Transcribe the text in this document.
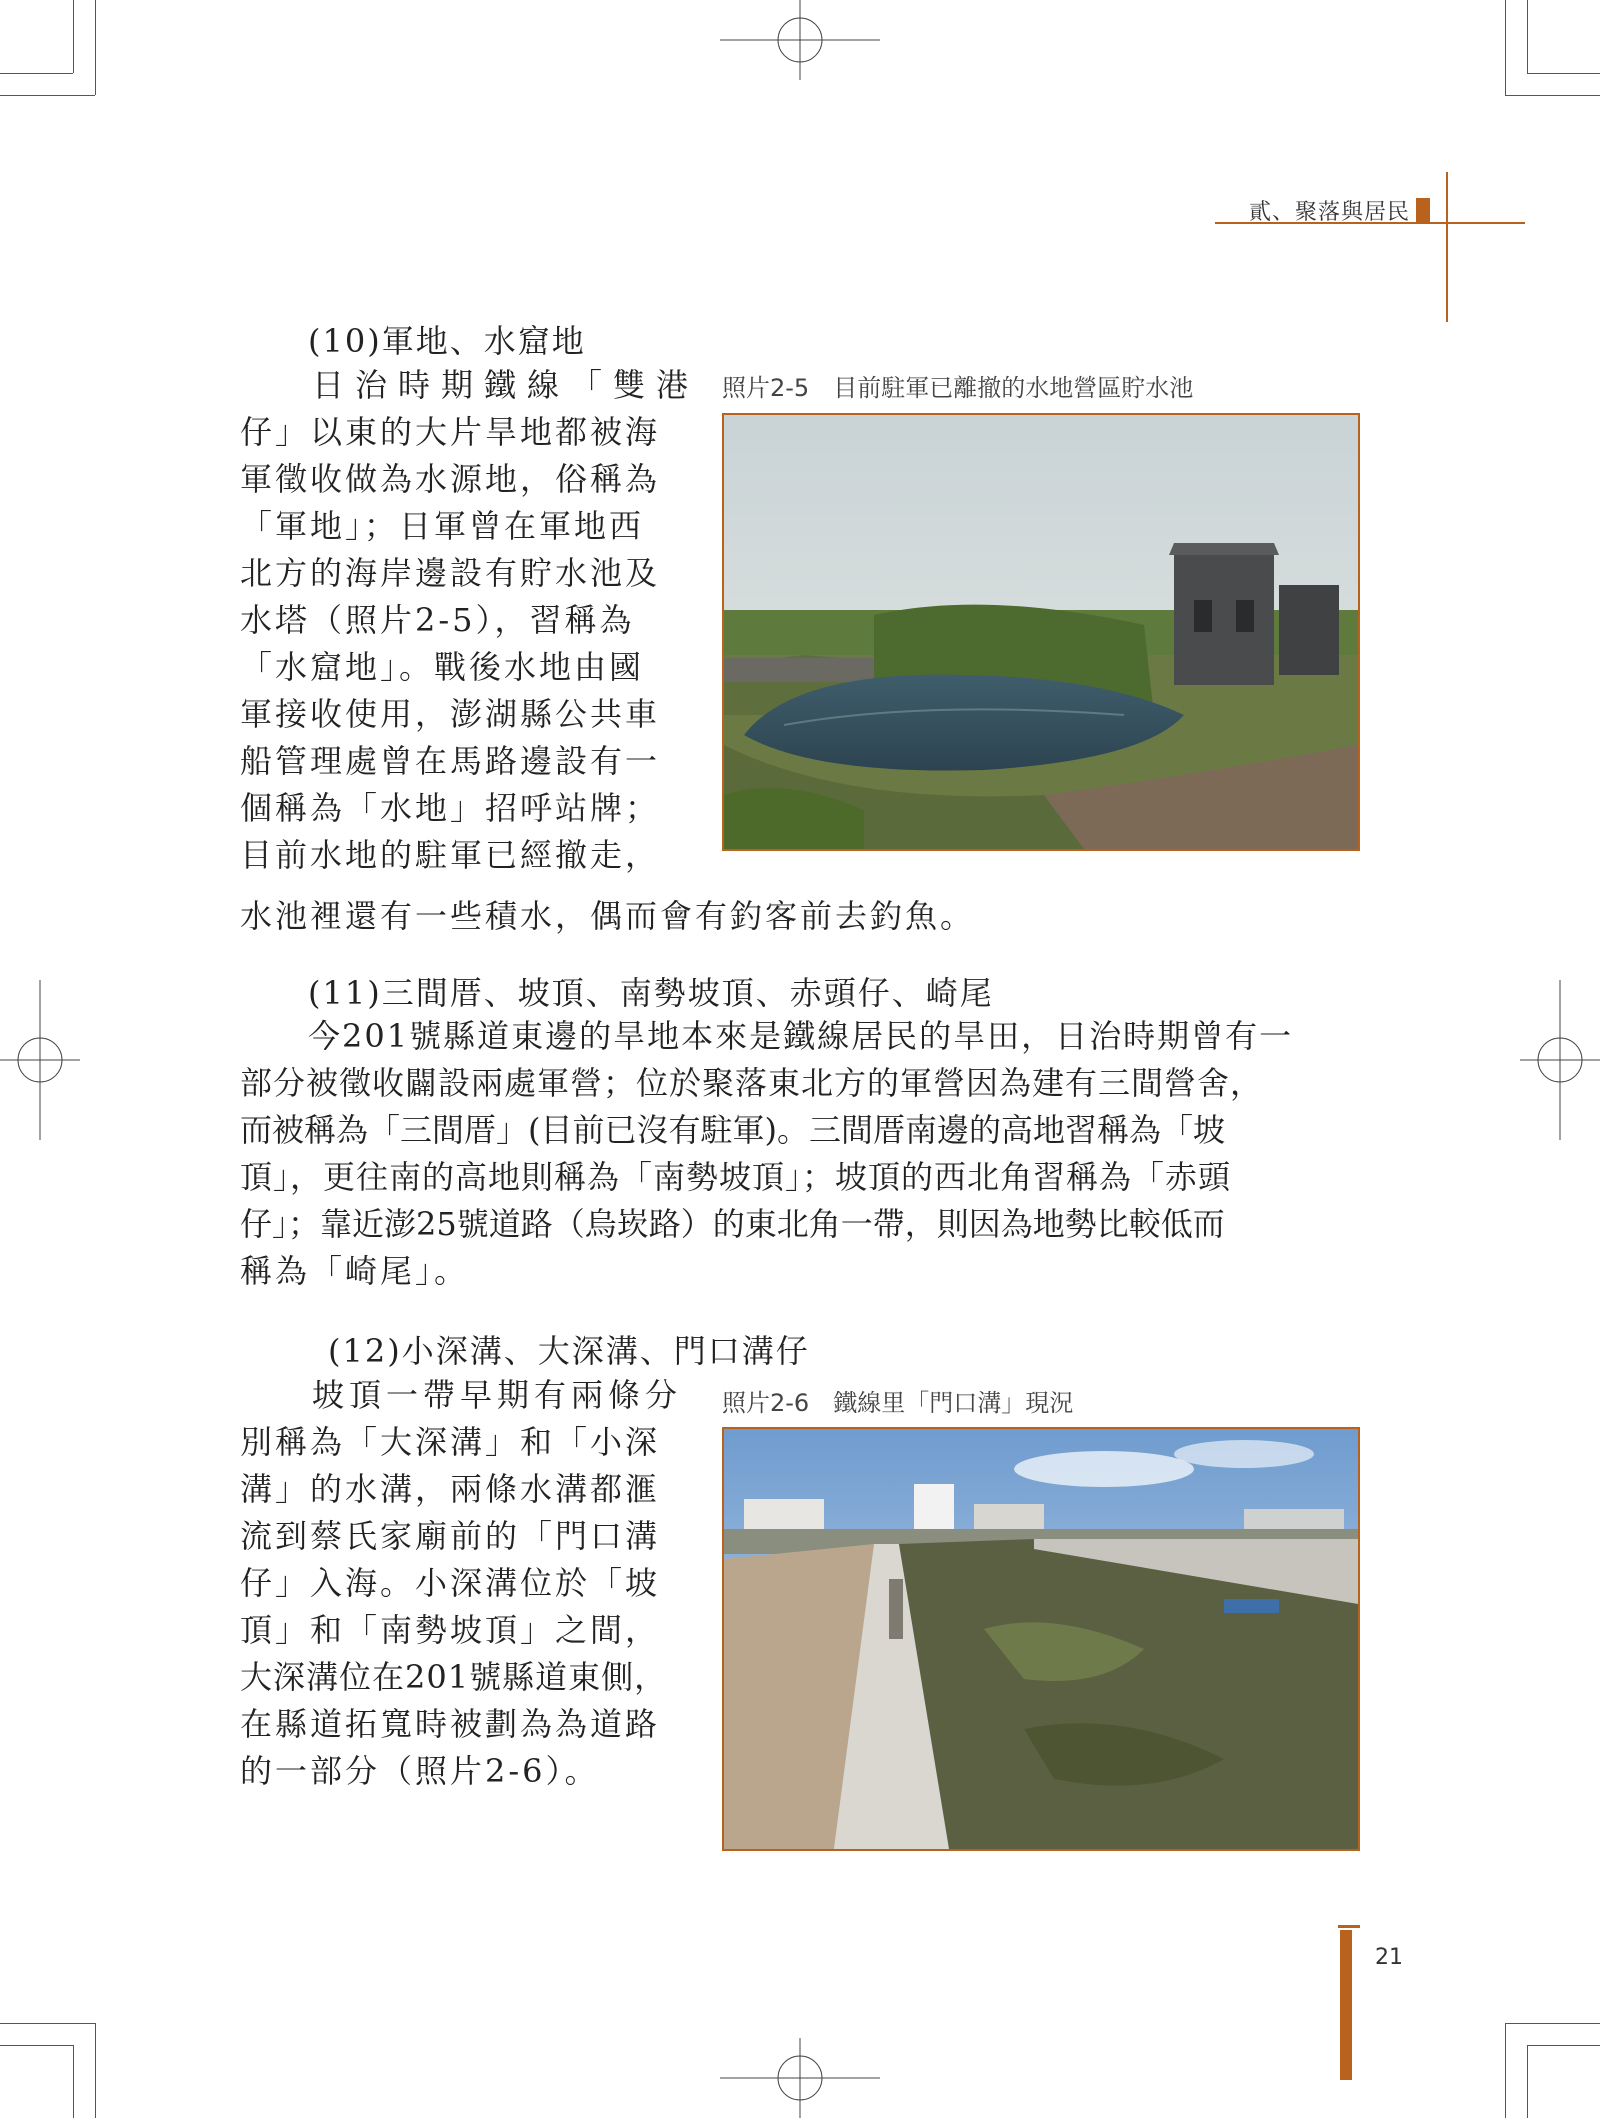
貳、聚落與居民
(10)軍地、水窟地
日治時期鐵線「雙港
仔」以東的大片旱地都被海
軍徵收做為水源地，俗稱為
「軍地」；日軍曾在軍地西
北方的海岸邊設有貯水池及
水塔（照片2-5），習稱為
「水窟地」。戰後水地由國
軍接收使用，澎湖縣公共車
船管理處曾在馬路邊設有一
個稱為「水地」招呼站牌；
目前水地的駐軍已經撤走，
水池裡還有一些積水，偶而會有釣客前去釣魚。
照片2-5　目前駐軍已離撤的水地營區貯水池
(11)三間厝、坡頂、南勢坡頂、赤頭仔、崎尾
今201號縣道東邊的旱地本來是鐵線居民的旱田，日治時期曾有一
部分被徵收闢設兩處軍營；位於聚落東北方的軍營因為建有三間營舍，
而被稱為「三間厝」(目前已沒有駐軍)。三間厝南邊的高地習稱為「坡
頂」，更往南的高地則稱為「南勢坡頂」；坡頂的西北角習稱為「赤頭
仔」；靠近澎25號道路（烏崁路）的東北角一帶，則因為地勢比較低而
稱為「崎尾」。
(12)小深溝、大深溝、門口溝仔
坡頂一帶早期有兩條分
別稱為「大深溝」和「小深
溝」的水溝，兩條水溝都滙
流到蔡氏家廟前的「門口溝
仔」入海。小深溝位於「坡
頂」和「南勢坡頂」之間，
大深溝位在201號縣道東側，
在縣道拓寬時被劃為為道路
的一部分（照片2-6）。
照片2-6　鐵線里「門口溝」現況
21
